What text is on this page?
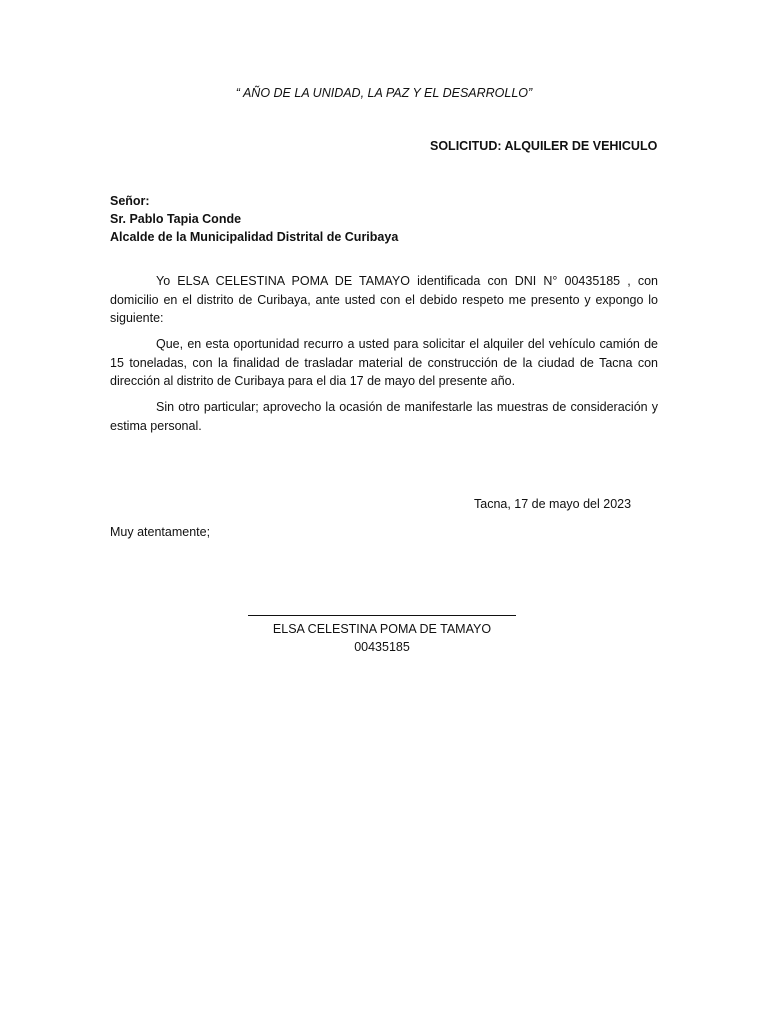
“ AÑO DE LA UNIDAD, LA PAZ Y EL DESARROLLO”
SOLICITUD: ALQUILER DE VEHICULO
Señor:
Sr. Pablo Tapia Conde
Alcalde de la Municipalidad Distrital de Curibaya
Yo ELSA CELESTINA POMA DE TAMAYO identificada con DNI N° 00435185 , con domicilio en el distrito de Curibaya, ante usted con el debido respeto me presento y expongo lo siguiente:
Que, en esta oportunidad recurro a usted para solicitar el alquiler del vehículo camión de 15 toneladas, con la finalidad de trasladar material de construcción de la ciudad de Tacna con dirección al distrito de Curibaya para el dia 17 de mayo del presente año.
Sin otro particular; aprovecho la ocasión de manifestarle las muestras de consideración y estima personal.
Tacna, 17 de mayo del 2023
Muy atentamente;
ELSA CELESTINA POMA DE TAMAYO
00435185
